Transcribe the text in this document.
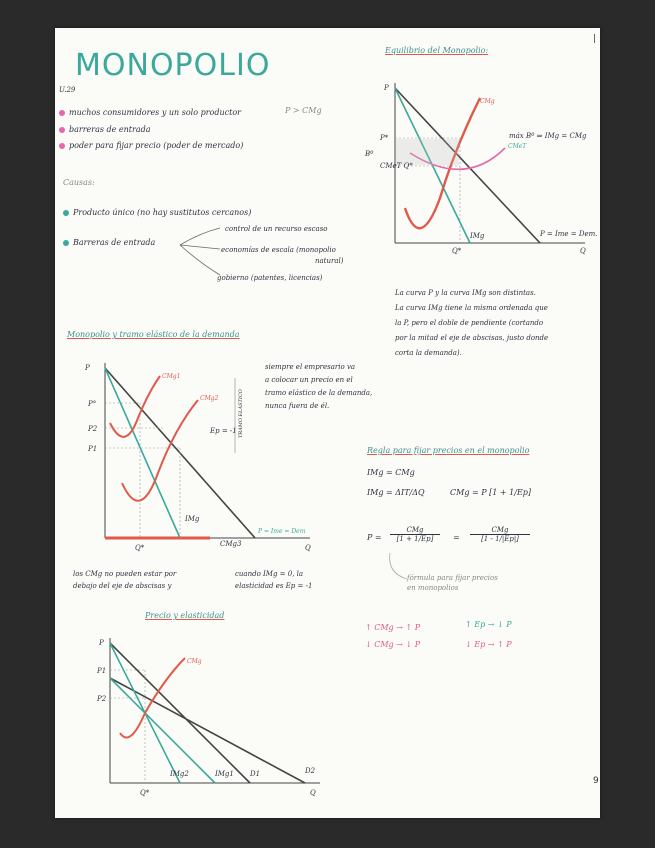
U.29
MONOPOLIO
|
muchos consumidores y un solo productor
barreras de entrada
poder para fijar precio (poder de mercado)
P > CMg
Causas:
Producto único (no hay sustitutos cercanos)
Barreras de entrada
control de un recurso escaso
economías de escala (monopolio
natural)
gobierno (patentes, licencias)
Equilibrio del Monopolio:
P
Q
CMg
CMeT
IMg	P = Ime = Dem.
P*
CMeT Q*
Q*
Bº
máx Bº ⇒ IMg = CMg
La curva P y la curva IMg son distintas.
La curva IMg tiene la misma ordenada que
la P, pero el doble de pendiente (cortando
por la mitad el eje de abscisas, justo donde
corta la demanda).
Monopolio y tramo elástico de la demanda
P
Q
P°
P2
P1
CMg1
CMg2
CMg3
Ep = -1
IMg
P = Ime = Dem
Q*
TRAMO ELÁSTICO
siempre el empresario va
a colocar un precio en el
tramo elástico de la demanda,
nunca fuera de él.
los CMg no pueden estar por
debajo del eje de abscisas y
cuando IMg = 0, la
elasticidad es Ep = -1
Regla para fijar precios en el monopolio
IMg = CMg
IMg = ΔIT/ΔQ	CMg = P [1 + 1/Ep]
P =
CMg
[1 + 1/Ep]	=
CMg
[1 - 1/|Ep|]
fórmula para fijar precios
en monopolios
↑ CMg → ↑ P
↓ CMg → ↓ P
↑ Ep → ↓ P
↓ Ep → ↑ P
Precio y elasticidad
P
Q
P1
P2
CMg
IMg2	IMg1 D1	D2
Q*
9
